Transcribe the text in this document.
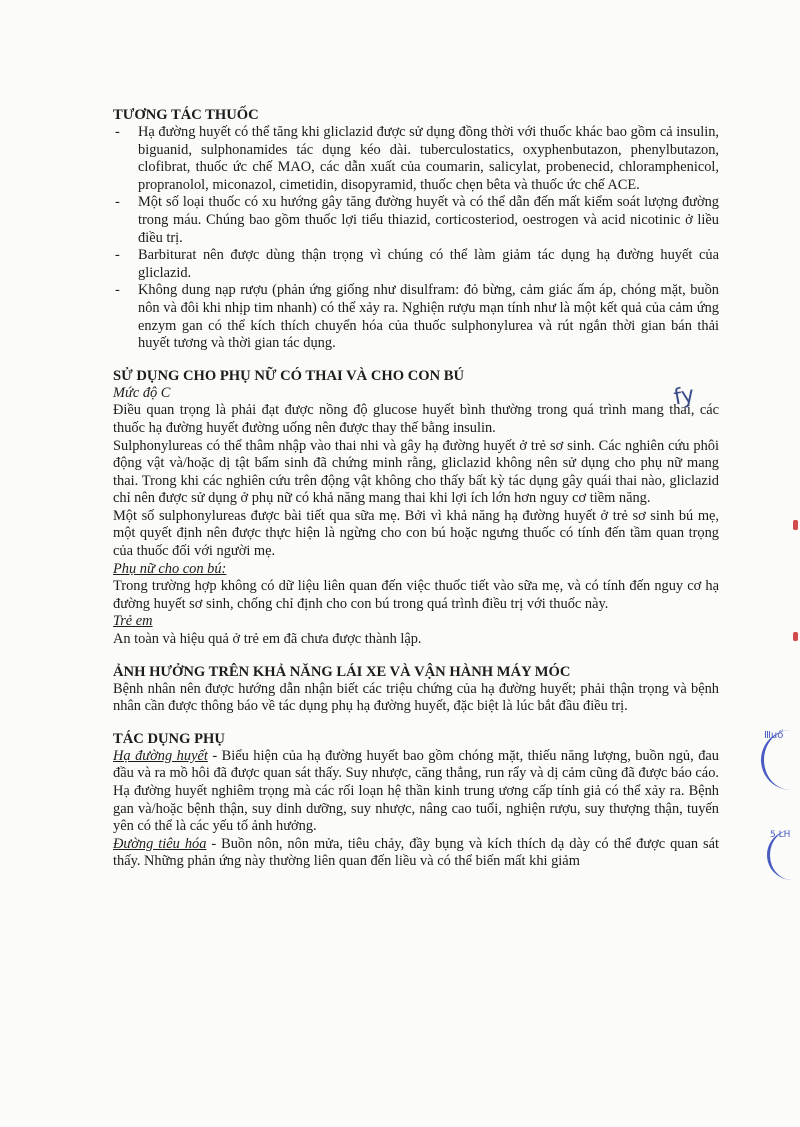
TƯƠNG TÁC THUỐC
- Hạ đường huyết có thể tăng khi gliclazid được sử dụng đồng thời với thuốc khác bao gồm cả insulin, biguanid, sulphonamides tác dụng kéo dài. tuberculostatics, oxyphenbutazon, phenylbutazon, clofibrat, thuốc ức chế MAO, các dẫn xuất của coumarin, salicylat, probenecid, chloramphenicol, propranolol, miconazol, cimetidin, disopyramid, thuốc chẹn bêta và thuốc ức chế ACE.
- Một số loại thuốc có xu hướng gây tăng đường huyết và có thể dẫn đến mất kiểm soát lượng đường trong máu. Chúng bao gồm thuốc lợi tiểu thiazid, corticosteriod, oestrogen và acid nicotinic ở liều điều trị.
- Barbiturat nên được dùng thận trọng vì chúng có thể làm giảm tác dụng hạ đường huyết của gliclazid.
- Không dung nạp rượu (phản ứng giống như disulfram: đỏ bừng, cảm giác ấm áp, chóng mặt, buồn nôn và đôi khi nhịp tim nhanh) có thể xảy ra. Nghiện rượu mạn tính như là một kết quả của cảm ứng enzym gan có thể kích thích chuyển hóa của thuốc sulphonylurea và rút ngắn thời gian bán thải huyết tương và thời gian tác dụng.
SỬ DỤNG CHO PHỤ NỮ CÓ THAI VÀ CHO CON BÚ

Mức độ C

Điều quan trọng là phải đạt được nồng độ glucose huyết bình thường trong quá trình mang thai, các thuốc hạ đường huyết đường uống nên được thay thế bằng insulin.

Sulphonylureas có thể thâm nhập vào thai nhi và gây hạ đường huyết ở trẻ sơ sinh. Các nghiên cứu phôi động vật và/hoặc dị tật bẩm sinh đã chứng minh rằng, gliclazid không nên sử dụng cho phụ nữ mang thai. Trong khi các nghiên cứu trên động vật không cho thấy bất kỳ tác dụng gây quái thai nào, gliclazid chỉ nên được sử dụng ở phụ nữ có khả năng mang thai khi lợi ích lớn hơn nguy cơ tiềm năng.

Một số sulphonylureas được bài tiết qua sữa mẹ. Bởi vì khả năng hạ đường huyết ở trẻ sơ sinh bú mẹ, một quyết định nên được thực hiện là ngừng cho con bú hoặc ngưng thuốc có tính đến tầm quan trọng của thuốc đối với người mẹ.

Phụ nữ cho con bú:

Trong trường hợp không có dữ liệu liên quan đến việc thuốc tiết vào sữa mẹ, và có tính đến nguy cơ hạ đường huyết sơ sinh, chống chỉ định cho con bú trong quá trình điều trị với thuốc này.

Trẻ em

An toàn và hiệu quả ở trẻ em đã chưa được thành lập.

ẢNH HƯỞNG TRÊN KHẢ NĂNG LÁI XE VÀ VẬN HÀNH MÁY MÓC

Bệnh nhân nên được hướng dẫn nhận biết các triệu chứng của hạ đường huyết; phải thận trọng và bệnh nhân cần được thông báo về tác dụng phụ hạ đường huyết, đặc biệt là lúc bắt đầu điều trị.

TÁC DỤNG PHỤ

Hạ đường huyết - Biểu hiện của hạ đường huyết bao gồm chóng mặt, thiếu năng lượng, buồn ngủ, đau đầu và ra mồ hôi đã được quan sát thấy. Suy nhược, căng thẳng, run rẩy và dị cảm cũng đã được báo cáo. Hạ đường huyết nghiêm trọng mà các rối loạn hệ thần kinh trung ương cấp tính giả có thể xảy ra. Bệnh gan và/hoặc bệnh thận, suy dinh dưỡng, suy nhược, nâng cao tuổi, nghiện rượu, suy thượng thận, tuyến yên có thể là các yếu tố ảnh hưởng.

Đường tiêu hóa - Buồn nôn, nôn mửa, tiêu chảy, đầy bụng và kích thích dạ dày có thể được quan sát thấy. Những phản ứng này thường liên quan đến liều và có thể biến mất khi giảm

fy
Ⅲuố
5 LH
